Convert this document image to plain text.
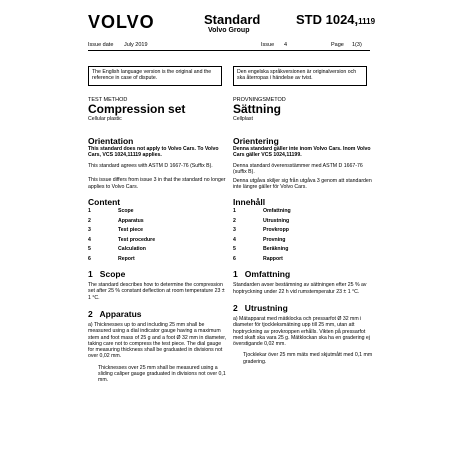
VOLVO	Standard
Volvo Group
STD 1024,1119
Issue date July 2019	Issue 4	Page 1(3)
The English language version is the original and the reference in case of dispute.
Den engelska språkversionen är originalversion och ska återropas i händelse av tvist.

TEST METHOD

Compression set

Cellular plastic

Orientation

This standard does not apply to Volvo Cars. To Volvo Cars, VCS 1024,11119 applies.

This standard agrees with ASTM D 1667-76 (Suffix B).

This issue differs from issue 3 in that the standard no longer applies to Volvo Cars.

Content

1	Scope
2	Apparatus
3	Test piece
4	Test procedure
5	Calculation
6	Report

1   Scope

The standard describes how to determine the compression set after 25 % constant deflection at room temperature 23 ± 1 °C.

2   Apparatus

a) Thicknesses up to and including 25 mm shall be measured using a dial indicator gauge having a maximum stem and foot mass of 25 g and a foot Ø 32 mm in diameter, taking care not to compress the test piece. The dial gauge for measuring thickness shall be graduated in divisions not over 0,02 mm.

Thicknesses over 25 mm shall be measured using a sliding caliper gauge graduated in divisions not over 0,1 mm.

PROVNINGSMETOD

Sättning

Cellplast

Orientering

Denna standard gäller inte inom Volvo Cars. Inom Volvo Cars gäller VCS 1024,11199.

Denna standard överensstämmer med ASTM D 1667-76 (suffix B).

Denna utgåva skiljer sig från utgåva 3 genom att standarden inte längre gäller för Volvo Cars.

Innehåll

1	Omfattning
2	Utrustning
3	Provkropp
4	Provning
5	Beräkning
6	Rapport

1   Omfattning

Standarden avser bestämning av sättningen efter 25 % av hoptryckning under 22 h vid rumstemperatur 23 ± 1 °C.

2   Utrustning

a) Mätapparat med mätklocka och pressarfot Ø 32 mm i diameter för tjockleksmätning upp till 25 mm, utan att hoptryckning av provkroppen erhålls. Vikten på pressarfot med skaft ska vara 25 g. Mätklockan ska ha en gradering ej överstigande 0,02 mm.

Tjocklekar över 25 mm mäts med skjutmått med 0,1 mm gradering.
